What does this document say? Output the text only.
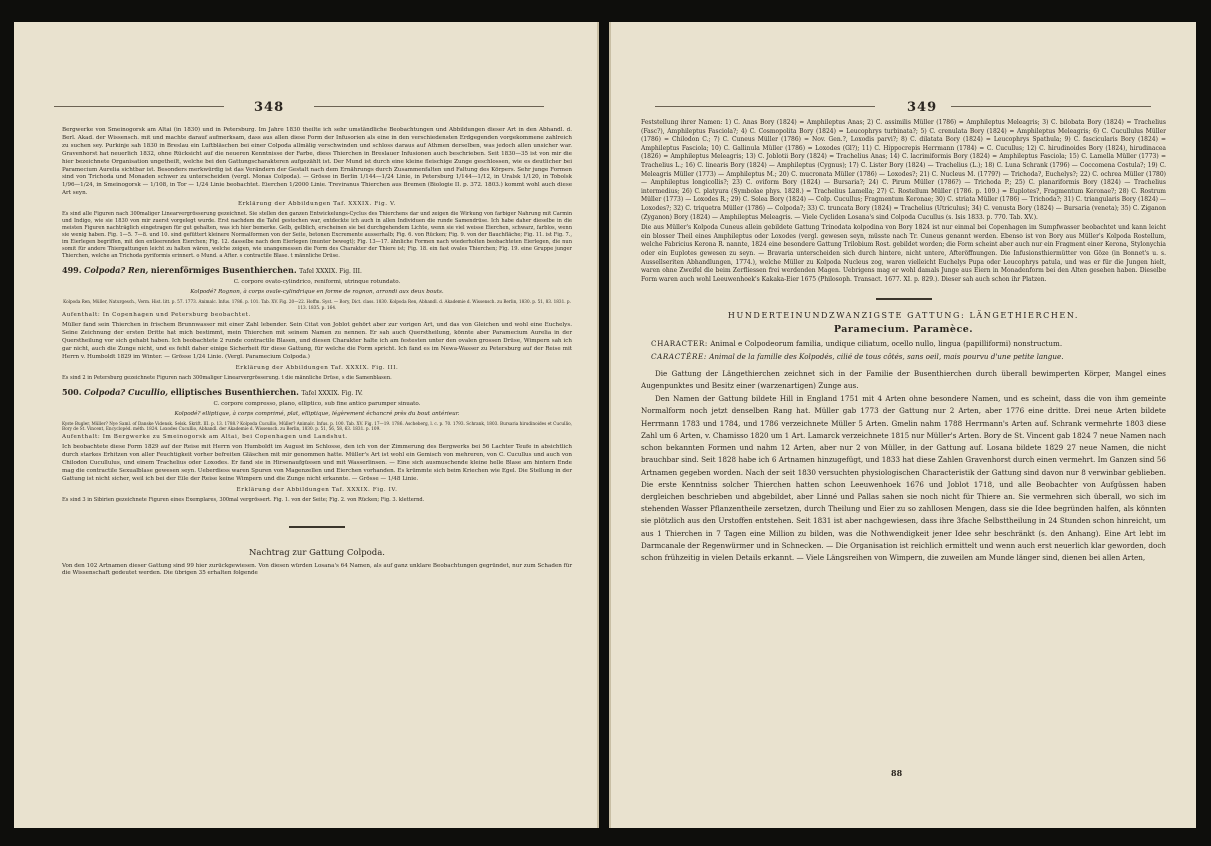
348

Bergwerke von Smeinogorsk am Altai (in 1830) und in Petersburg. Im Jahre 1830 theilte ich sehr umständliche Beobachtungen und Abbildungen dieser Art in den Abhandl. d. Berl. Akad. der Wissensch. mit und machte darauf aufmerksam, dass aus allen diese Form der Infusorien als eine in den verschiedensten Erdgegenden vorgekommene zahlreich zu suchen sey. Purkinje sah 1830 in Breslau ein Luftbläschen bei einer Colpoda allmälig verschwinden und schloss daraus auf Athmen derselben, was jedoch allen unsicher war. Gravenhorst hat neuerlich 1832, ohne Rücksicht auf die neueren Kenntnisse der Farbe, diess Thierchen in Breslauer Infusionen auch beschrieben. Seit 1830—35 ist von mir die hier bezeichnete Organisation ungetheilt, welche bei den Gattungscharakteren aufgezählt ist. Der Mund ist durch eine kleine fleischige Zunge geschlossen, wie es deutlicher bei Paramecium Aurelia sichtbar ist. Besonders merkwürdig ist das Verändern der Gestalt nach dem Ernährungs durch Zusammenfalten und Faltung des Körpers. Sehr junge Formen sind von Trichoda und Monaden schwer zu unterscheiden (vergl. Monas Colpoda). — Grösse in Berlin 1/144—1/24 Linie, in Petersburg 1/144—1/12, in Uralsk 1/120, in Tobolsk 1/96—1/24, in Smeinogorsk — 1/108, in Tor — 1/24 Linie beobachtet. Eierchen 1/2000 Linie. Treviranus Thierchen aus Bremen (Biologie II. p. 372. 1803.) kommt wohl auch diese Art seyn.

Erklärung der Abbildungen Taf. XXXIX. Fig. V.

Es sind alle Figuren nach 300maliger Linearvergrösserung gezeichnet. Sie stellen den ganzen Entwickelungs-Cyclus des Thierchens dar und zeigen die Wirkung von farbiger Nahrung mit Carmin und Indigo, wie sie 1830 von mir zuerst vorgelegt wurde. Erst nachdem die Tafel gestochen war, entdeckte ich auch in allen Individuen die runde Samendrüse. Ich habe daher dieselbe in die meisten Figuren nachträglich eingetragen für gut gehalten, was ich hier bemerke. Gelb, gelblich, erscheinen sie bei durchgehendem Lichte, wenn sie viel weisse Eierchen, schwarz, farblos, wenn sie wenig haben. Fig. 1—5. 7—8. und 10. sind gefüttert kleinere Normalformen von der Seite, betonen Excremente ausserhalb; Fig. 6. von Rücken; Fig. 9. von der Bauchfläche; Fig. 11. ist Fig. 7., im Eierlegen begriffen, mit den entleerenden Eierchen; Fig. 12. dasselbe nach dem Eierlegen (munter bewegt); Fig. 13—17. ähnliche Formen nach wiederholten beobachteten Eierlegen, die nun somit für andere Thiergattungen leicht zu halten wären, welche zeigen, wie unangemessen die Form des Charakter der Thiere ist; Fig. 18. ein fast ovales Thierchen; Fig. 19. eine Gruppe junger Thierchen, welche an Trichoda pyriformis erinnert. o Mund. a After. s contractile Blase. t männliche Drüse.

499. Colpoda? Ren, nierenförmiges Busenthierchen. Tafel XXXIX. Fig. III.

C. corpore ovato-cylindrico, reniformi, utrinque rotundato.

Kolpodé? Rognon, à corps ovale-cylindrique en forme de rognon, arrondi aux deux bouts.

Kolpoda Ren, Müller, Naturgesch., Verm. Hist. litt. p. 57. 1773. Animalc. Infus. 1786. p. 101. Tab. XV. Fig. 20—22. Hoffm. Syst. — Bory, Dict. class. 1830. Kolpoda Ren, Abhandl. d. Akademie d. Wissensch. zu Berlin, 1830. p. 51, 83. 1831. p. 113. 1835. p. 164.

Aufenthalt: In Copenhagen und Petersburg beobachtet.

Müller fand sein Thierchen in frischem Brunnwasser mit einer Zahl lebender. Sein Citat von Joblot gehört aber zur vorigen Art, und das von Gleichen und wohl eine Euchelys. Seine Zeichnung der ersten Dritte hat mich bestimmt, mein Thierchen mit seinem Namen zu nennen. Er sah auch Querstheilung, könnte aber Paramecium Aurelia in der Querstheilung vor sich gehabt haben. Ich beobachtete 2 runde contractile Blasen, und diesen Charakter halte ich am festesten unter den ovalen grossen Drüse, Wimpern sah ich gar nicht, auch die Zunge nicht, und es fehlt daher einige Sicherheit für diese Gattung, für welche die Form spricht. Ich fand es im Newa-Wasser zu Petersburg auf der Reise mit Herrn v. Humboldt 1829 im Winter. — Grösse 1/24 Linie. (Vergl. Paramecium Colpoda.)

Erklärung der Abbildungen Taf. XXXIX. Fig. III.

Es sind 2 in Petersburg gezeichnete Figuren nach 300maliger Linearvergrösserung. t die männliche Drüse, s die Samenblasen.

500. Colpoda? Cucullio, elliptisches Busenthierchen. Tafel XXXIX. Fig. IV.

C. corpore compresso, plano, elliptico, sub fine antico parumper sinuato.

Kolpodé? elliptique, à corps comprimé, plat, elliptique, légèrement échancré près du bout antérieur.

Kyste Bugler, Müller? Nye Saml. of Danske Vidensk. Selsk. Skrift. III. p. 13. 1788.? Kolpoda Cucullio, Müller? Animalc. Infus. p. 100. Tab. XV. Fig. 17—19. 1786. Ascheberg, l. c. p. 70. 1793. Schrank, 1803. Bursaria hirudinoides et Cucullio, Bory de St. Vincent, Encyclopéd. méth. 1824. Loxodes Cucullio, Abhandl. der Akademie d. Wissensch. zu Berlin, 1830. p. 51, 56, 58, 63. 1831. p. 109.

Aufenthalt: Im Bergwerke zu Smeinogorsk am Altai, bei Copenhagen und Landshut.

Ich beobachtete diese Form 1829 auf der Reise mit Herrn von Humboldt im August im Schlosse, den ich von der Zimmerung des Bergwerks bei 56 Lachter Teufe in absichtlich durch starkes Erhitzen von aller Feuchtigkeit vorher befreiten Gläschen mit mir genommen hatte. Müller's Art ist wohl ein Gemisch von mehreren, von C. Cucullus und auch von Chilodon Cucullulus, und einem Trachelius oder Loxodes. Er fand sie in Hirsenaufgüssen und mit Wasserlinsen. — Eine sich ausmuschende kleine helle Blase am hintern Ende mag die contractile Sexualblase gewesen seyn. Ueberdiess waren Spuren von Magenzellen und Eierchen vorhanden. Es krümmte sich beim Kriechen wie Egel. Die Stellung in der Gattung ist nicht sicher, weil ich bei der Eile der Reise keine Wimpern und die Zunge nicht erkannte. — Grösse — 1/48 Linie.

Erklärung der Abbildungen Taf. XXXIX. Fig. IV.

Es sind 3 in Sibirien gezeichnete Figuren eines Exemplares, 300mal vergrössert. Fig. 1. von der Seite; Fig. 2. von Rücken; Fig. 3. kletternd.

Nachtrag zur Gattung Colpoda.

Von den 102 Artnamen dieser Gattung sind 99 hier zurückgewiesen. Von diesen würden Losana's 64 Namen, als auf ganz unklare Beobachtungen gegründet, nur zum Schaden für die Wissenschaft gedeutet werden. Die übrigen 35 erhalten folgende

349

Feststellung ihrer Namen: 1) C. Anas Bory (1824) = Amphileptus Anas; 2) C. assimilis Müller (1786) = Amphileptus Meleagris; 3) C. bilobata Bory (1824) = Trachelius (Fasc?), Amphileptus Fasciola?; 4) C. Cosmopolita Bory (1824) = Leucophrys turbinata?; 5) C. crenulata Bory (1824) = Amphileptus Meleagris; 6) C. Cucullulus Müller (1786) = Chilodon C.; 7) C. Cuneus Müller (1786) = Nov. Gen.?, Loxodis parvi?; 8) C. dilatata Bory (1824) = Leucophrys Spathula; 9) C. fascicularis Bory (1824) = Amphileptus Fasciola; 10) C. Gallinula Müller (1786) = Loxodes (Gl?); 11) C. Hippocrepis Herrmann (1784) = C. Cucullus; 12) C. hirudinoides Bory (1824), hirudinacea (1826) = Amphileptus Meleagris; 13) C. Joblotii Bory (1824) = Trachelius Anas; 14) C. lacrimiformis Bory (1824) = Amphileptus Fasciola; 15) C. Lamella Müller (1773) = Trachelius L.; 16) C. linearis Bory (1824) — Amphileptus (Cygnus); 17) C. Lister Bory (1824) — Trachelius (L.); 18) C. Luna Schrank (1796) — Coccomena Costula?; 19) C. Meleagris Müller (1773) — Amphileptus M.; 20) C. mucronata Müller (1786) — Loxodes?; 21) C. Nucleus M. (1779?) — Trichoda?, Euchelys?; 22) C. ochrea Müller (1780) — Amphileptus longicollis?; 23) C. oviform Bory (1824) — Bursaria?; 24) C. Pirum Müller (1786?) — Trichoda P.; 25) C. planariformis Bory (1824) — Trachelius intermedius; 26) C. platyura (Symbolae phys. 1828.) = Trachelius Lamella; 27) C. Rostellum Müller (1786. p. 109.) = Euplotes?, Fragmentum Keronae?; 28) C. Rostrum Müller (1773) — Loxodes R.; 29) C. Solea Bory (1824) — Colp. Cucullus; Fragmentum Keronae; 30) C. striata Müller (1786) — Trichoda?; 31) C. triangularis Bory (1824) — Loxodes?; 32) C. triquetra Müller (1786) — Colpoda?; 33) C. truncata Bory (1824) = Trachelius (Utriculus); 34) C. venusta Bory (1824) — Bursaria (veneta); 35) C. Ziganon (Zyganon) Bory (1824) — Amphileptus Meleagris. — Viele Cycliden Losana's sind Colpoda Cucullus (s. Isis 1833. p. 770. Tab. XV.).

Die aus Müller's Kolpoda Cuneus allein gebildete Gattung Trinodata kolpodina von Bory 1824 ist nur einmal bei Copenhagen im Sumpfwasser beobachtet und kann leicht ein blosser Theil eines Amphileptus oder Loxodes (vergl. gewesen seyn, müsste nach Tr. Cuneus genannt werden. Ebenso ist von Bory aus Müller's Kolpoda Rostellum, welche Fabricius Kerona R. nannte, 1824 eine besondere Gattung Trilobium Rost. gebildet worden; die Form scheint aber auch nur ein Fragment einer Kerona, Stylonychia oder ein Euplotes gewesen zu seyn. — Bravaria unterscheiden sich durch hintere, nicht untere, Afteröffnungen. Die Infusionsthiermütter von Göze (in Bonnet's u. s. Aussellseriten Abhandlungen, 1774.), welche Müller zu Kolpoda Nucleus zog, waren vielleicht Euchelys Pupa oder Leucophrys patula, und was er für die Jungen hielt, waren ohne Zweifel die beim Zerfliessen frei werdenden Magen. Uebrigens mag er wohl damals Junge aus Eiern in Monadenform bei den Alten gesehen haben. Dieselbe Form waren auch wohl Leeuwenhoek's Kakaka-Eier 1675 (Philosoph. Transact. 1677. XI. p. 829.). Dieser sah auch schon ihr Platzen.

HUNDERTEINUNDZWANZIGSTE GATTUNG: LÄNGETHIERCHEN.

Paramecium. Paramèce.

CHARACTER: Animal e Colpodeorum familia, undique ciliatum, ocello nullo, lingua (papilliformi) nonstructum.

CARACTÈRE: Animal de la famille des Kolpodés, cilié de tous côtés, sans oeil, mais pourvu d'une petite langue.

Die Gattung der Längethierchen zeichnet sich in der Familie der Busenthierchen durch überall bewimperten Körper, Mangel eines Augenpunktes und Besitz einer (warzenartigen) Zunge aus.

Den Namen der Gattung bildete Hill in England 1751 mit 4 Arten ohne besondere Namen, und es scheint, dass die von ihm gemeinte Normalform noch jetzt denselben Rang hat. Müller gab 1773 der Gattung nur 2 Arten, aber 1776 eine dritte. Drei neue Arten bildete Herrmann 1783 und 1784, und 1786 verzeichnete Müller 5 Arten. Gmelin nahm 1788 Herrmann's Arten auf. Schrank vermehrte 1803 diese Zahl um 6 Arten, v. Chamisso 1820 um 1 Art. Lamarck verzeichnete 1815 nur Müller's Arten. Bory de St. Vincent gab 1824 7 neue Namen nach schon bekannten Formen und nahm 12 Arten, aber nur 2 von Müller, in der Gattung auf. Losana bildete 1829 27 neue Namen, die nicht brauchbar sind. Seit 1828 habe ich 6 Artnamen hinzugefügt, und 1833 hat diese Zahlen Gravenhorst durch einen vermehrt. Im Ganzen sind 56 Artnamen gegeben worden. Nach der seit 1830 versuchten physiologischen Characteristik der Gattung sind davon nur 8 verwinbar geblieben. Die erste Kenntniss solcher Thierchen hatten schon Leeuwenhoek 1676 und Joblot 1718, und alle Beobachter von Aufgüssen haben dergleichen beschrieben und abgebildet, aber Linné und Pallas sahen sie noch nicht für Thiere an. Sie vermehren sich überall, wo sich im stehenden Wasser Pflanzentheile zersetzen, durch Theilung und Eier zu so zahllosen Mengen, dass sie die Idee begründen halfen, als könnten sie plötzlich aus den Urstoffen entstehen. Seit 1831 ist aber nachgewiesen, dass ihre 3fache Selbsttheilung in 24 Stunden schon hinreicht, um aus 1 Thierchen in 7 Tagen eine Million zu bilden, was die Nothwendigkeit jener Idee sehr beschränkt (s. den Anhang). Eine Art lebt im Darmcanale der Regenwürmer und in Schnecken. — Die Organisation ist reichlich ermittelt und wenn auch erst neuerlich klar geworden, doch schon frühzeitig in vielen Details erkannt. — Viele Längsreihen von Wimpern, die zuweilen am Munde länger sind, dienen bei allen Arten,

88
